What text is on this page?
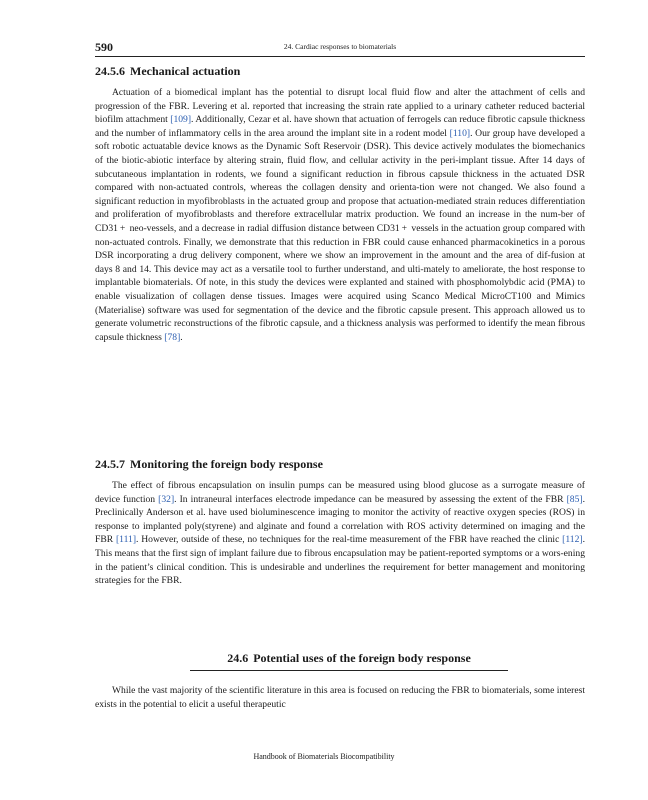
590	24. Cardiac responses to biomaterials
24.5.6 Mechanical actuation

Actuation of a biomedical implant has the potential to disrupt local fluid flow and alter the attachment of cells and progression of the FBR. Levering et al. reported that increasing the strain rate applied to a urinary catheter reduced bacterial biofilm attachment [109]. Additionally, Cezar et al. have shown that actuation of ferrogels can reduce fibrotic capsule thickness and the number of inflammatory cells in the area around the implant site in a rodent model [110]. Our group have developed a soft robotic actuatable device knows as the Dynamic Soft Reservoir (DSR). This device actively modulates the biomechanics of the biotic-abiotic interface by altering strain, fluid flow, and cellular activity in the peri-implant tissue. After 14 days of subcutaneous implantation in rodents, we found a significant reduction in fibrous capsule thickness in the actuated DSR compared with non-actuated controls, whereas the collagen density and orienta-tion were not changed. We also found a significant reduction in myofibroblasts in the actuated group and propose that actuation-mediated strain reduces differentiation and proliferation of myofibroblasts and therefore extracellular matrix production. We found an increase in the num-ber of CD31 +  neo-vessels, and a decrease in radial diffusion distance between CD31 +  vessels in the actuation group compared with non-actuated controls. Finally, we demonstrate that this reduction in FBR could cause enhanced pharmacokinetics in a porous DSR incorporating a drug delivery component, where we show an improvement in the amount and the area of dif-fusion at days 8 and 14. This device may act as a versatile tool to further understand, and ulti-mately to ameliorate, the host response to implantable biomaterials. Of note, in this study the devices were explanted and stained with phosphomolybdic acid (PMA) to enable visualization of collagen dense tissues. Images were acquired using Scanco Medical MicroCT100 and Mimics (Materialise) software was used for segmentation of the device and the fibrotic capsule present. This approach allowed us to generate volumetric reconstructions of the fibrotic capsule, and a thickness analysis was performed to identify the mean fibrous capsule thickness [78].

24.5.7 Monitoring the foreign body response

The effect of fibrous encapsulation on insulin pumps can be measured using blood glucose as a surrogate measure of device function [32]. In intraneural interfaces electrode impedance can be measured by assessing the extent of the FBR [85]. Preclinically Anderson et al. have used bioluminescence imaging to monitor the activity of reactive oxygen species (ROS) in response to implanted poly(styrene) and alginate and found a correlation with ROS activity determined on imaging and the FBR [111]. However, outside of these, no techniques for the real-time measurement of the FBR have reached the clinic [112]. This means that the first sign of implant failure due to fibrous encapsulation may be patient-reported symptoms or a wors-ening in the patient’s clinical condition. This is undesirable and underlines the requirement for better management and monitoring strategies for the FBR.

24.6 Potential uses of the foreign body response

While the vast majority of the scientific literature in this area is focused on reducing the FBR to biomaterials, some interest exists in the potential to elicit a useful therapeutic

Handbook of Biomaterials Biocompatibility
